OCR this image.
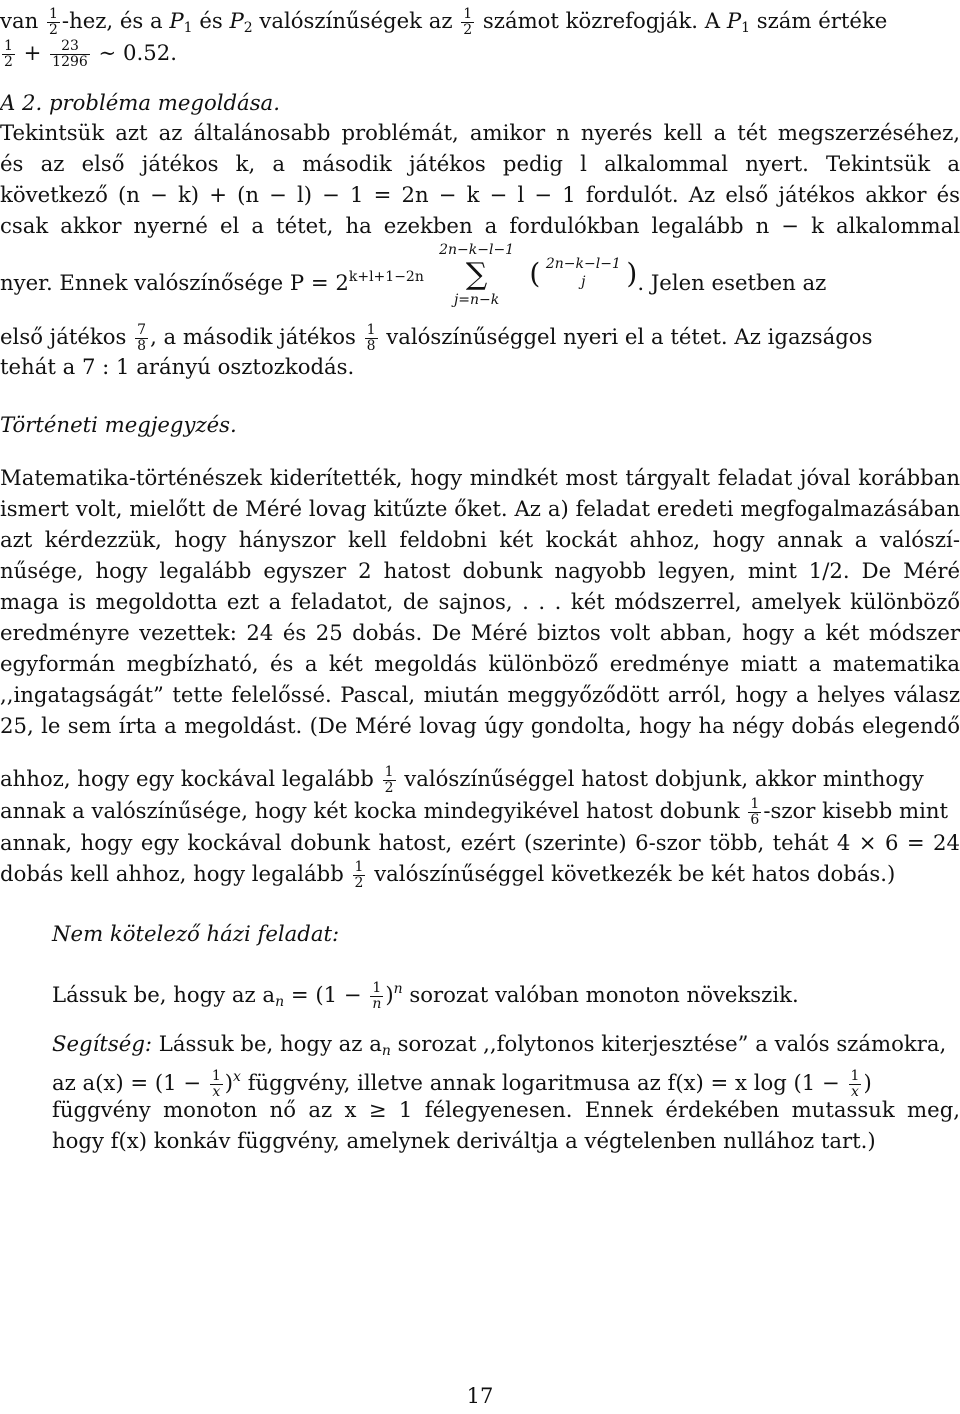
van $\frac{1}{2} -hez$, és a $P_1$ és $P_2$ valószínűségek az $\frac{1}{2}$ számot közrefogják. A $P_1$ szám értéke
$\frac{1}{2} + \frac{23}{1296}$ ∼ 0.52.
A 2. probléma megoldása.
Tekintsük azt az általánosabb problémát, amikor n nyerés kell a tét megszerzéséhez,
és az első játékos k, a második játékos pedig l alkalommal nyert. Tekintsük a
következő (n − k) + (n − l) − 1 = 2n − k − l − 1 fordulót. Az első játékos akkor és
csak akkor nyerné el a tétet, ha ezekben a fordulókban legalább n − k alkalommal
nyer. Ennek valószínősége $P = 2^{k+l+1-2n}$
2n−k−l−1
∑
j=n−k

( 2n−k−l−1
j	) . Jelen esetben az
első játékos $\frac{7}{8}$ , a második játékos $\frac{1}{8}$ valószínűséggel nyeri el a tétet. Az igazságos
tehát a 7 : 1 arányú osztozkodás.
Történeti megjegyzés.
Matematika-történészek kiderítették, hogy mindkét most tárgyalt feladat jóval korábban
ismert volt, mielőtt de Méré lovag kitűzte őket. Az a) feladat eredeti megfogalmazásában
azt kérdezzük, hogy hányszor kell feldobni két kockát ahhoz, hogy annak a valószí-
nűsége, hogy legalább egyszer 2 hatost dobunk nagyobb legyen, mint 1/2. De Méré
maga is megoldotta ezt a feladatot, de sajnos, . . . két módszerrel, amelyek különböző
eredményre vezettek: 24 és 25 dobás. De Méré biztos volt abban, hogy a két módszer
egyformán megbízható, és a két megoldás különböző eredménye miatt a matematika
,,ingatagságát” tette felelőssé. Pascal, miután meggyőződött arról, hogy a helyes válasz
25, le sem írta a megoldást. (De Méré lovag úgy gondolta, hogy ha négy dobás elegendő
ahhoz, hogy egy kockával legalább $\frac{1}{2}$ valószínűséggel hatost dobjunk, akkor minthogy
annak a valószínűsége, hogy két kocka mindegyikével hatost dobunk $\frac{1}{6}$ -szor kisebb mint
annak, hogy egy kockával dobunk hatost, ezért (szerinte) 6-szor több, tehát 4 × 6 = 24
dobás kell ahhoz, hogy legalább $\frac{1}{2}$ valószínűséggel következék be két hatos dobás.)
Nem kötelező házi feladat:
Lássuk be, hogy az $a_n = (1 - \frac{1}{n} )^n$ sorozat valóban monoton növekszik.
Segítség: Lássuk be, hogy az $a_n$ sorozat ,,folytonos kiterjesztése” a valós számokra,
az $a(x) = (1 - \frac{1}{x} )^x$ függvény, illetve annak logaritmusa az f(x) = x $\log (1 - \frac{1}{x}$ )
függvény monoton nő az x ≥ 1 félegyenesen. Ennek érdekében mutassuk meg,
hogy f(x) konkáv függvény, amelynek deriváltja a végtelenben nullához tart.)
17
